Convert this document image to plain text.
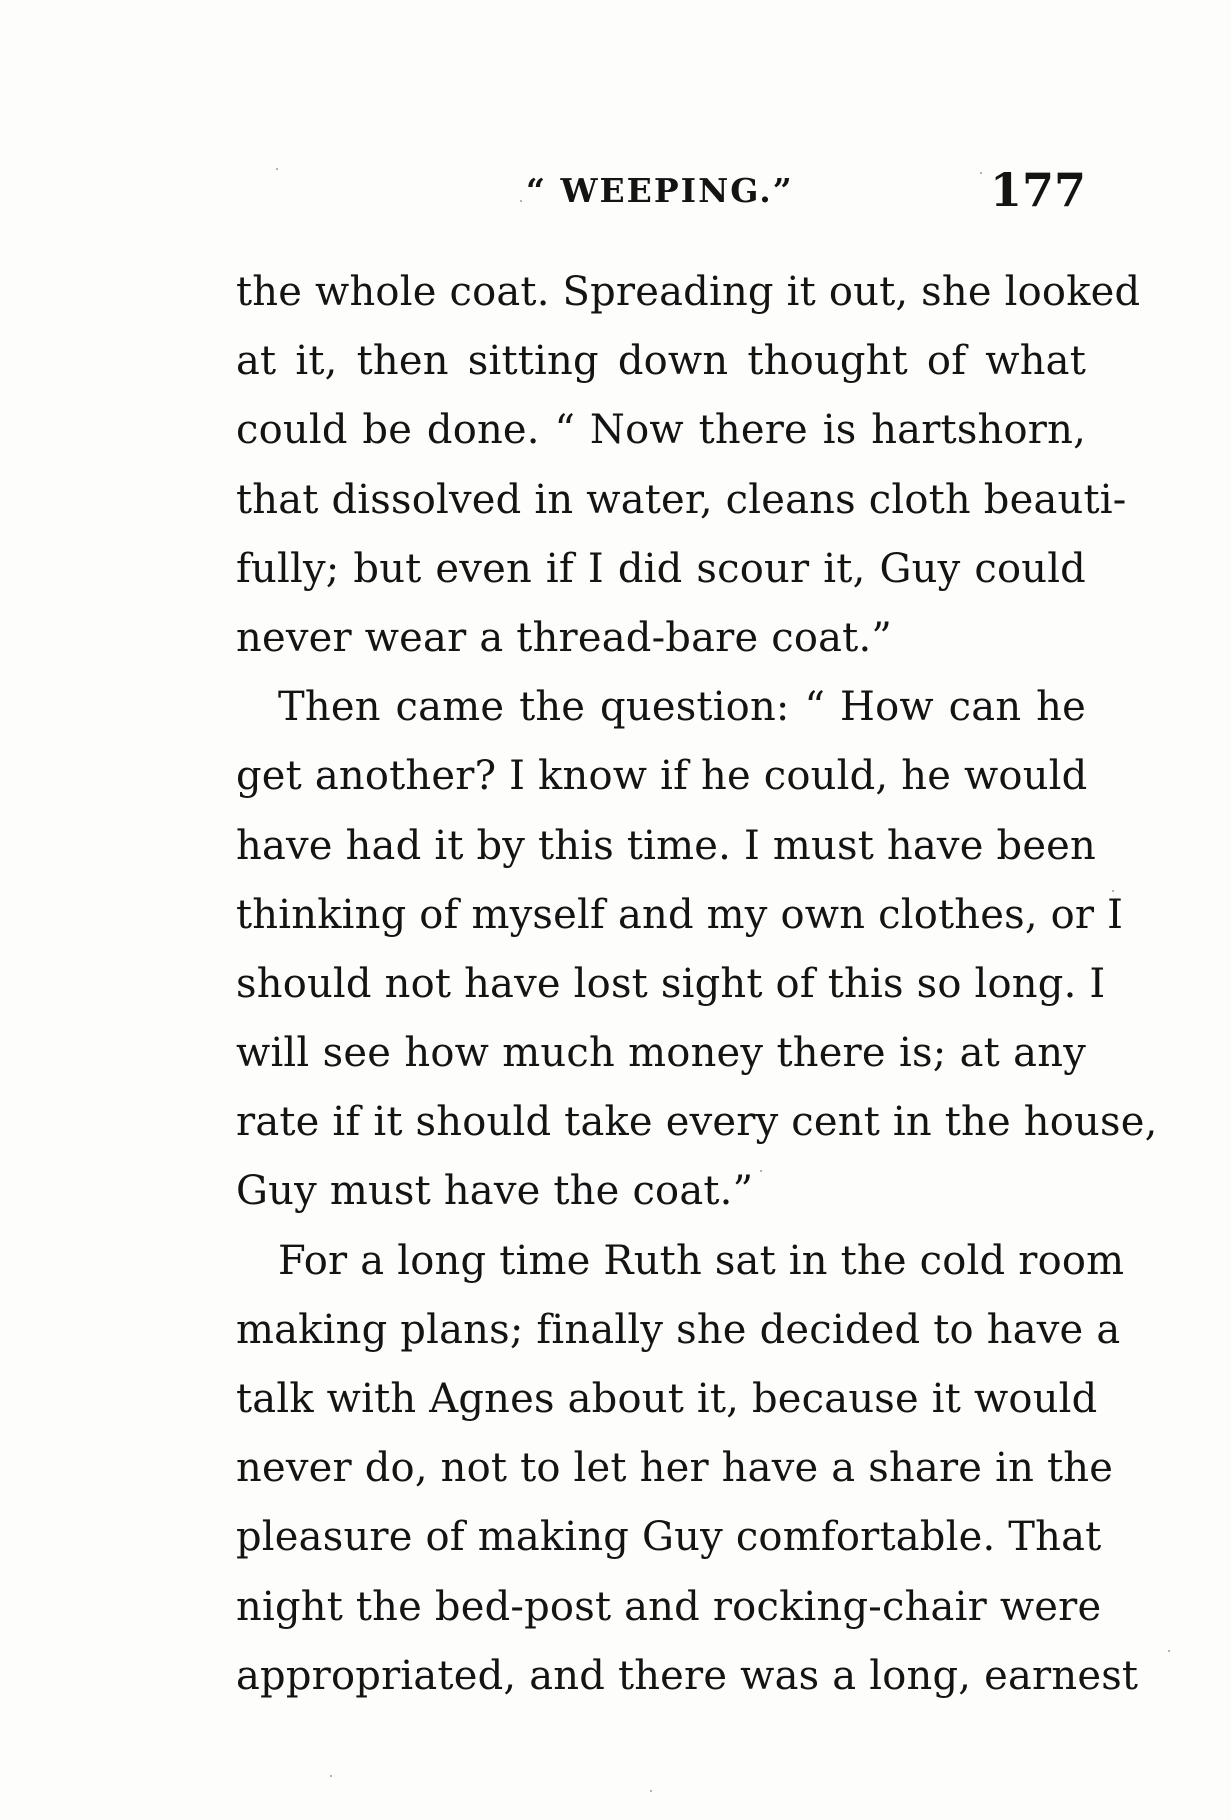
“ WEEPING.”	177
the whole coat. Spreading it out, she looked
at it, then sitting down thought of what
could be done. “ Now there is hartshorn,
that dissolved in water, cleans cloth beauti-
fully; but even if I did scour it, Guy could
never wear a thread-bare coat.”
Then came the question: “ How can he
get another? I know if he could, he would
have had it by this time. I must have been
thinking of myself and my own clothes, or I
should not have lost sight of this so long. I
will see how much money there is; at any
rate if it should take every cent in the house,
Guy must have the coat.”
For a long time Ruth sat in the cold room
making plans; finally she decided to have a
talk with Agnes about it, because it would
never do, not to let her have a share in the
pleasure of making Guy comfortable. That
night the bed-post and rocking-chair were
appropriated, and there was a long, earnest
